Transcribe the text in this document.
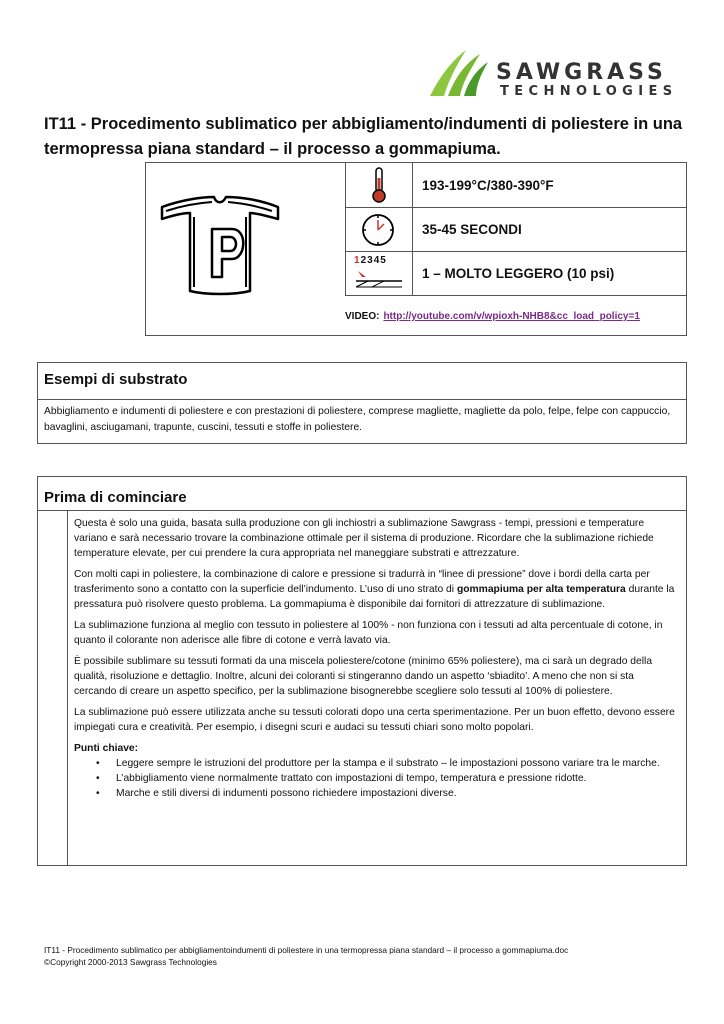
SAWGRASS
TECHNOLOGIES
IT11 - Procedimento sublimatico per abbigliamento/indumenti di poliestere in una termopressa piana standard – il processo a gommapiuma.
193-199°C/380-390°F
35-45 SECONDI
12345
1 – MOLTO LEGGERO (10 psi)
VIDEO: http://youtube.com/v/wpioxh-NHB8&cc_load_policy=1
Esempi di substrato
Abbigliamento e indumenti di poliestere e con prestazioni di poliestere, comprese magliette, magliette da polo, felpe, felpe con cappuccio, bavaglini, asciugamani, trapunte, cuscini, tessuti e stoffe in poliestere.
Prima di cominciare

Questa è solo una guida, basata sulla produzione con gli inchiostri a sublimazione Sawgrass - tempi, pressioni e temperature variano e sarà necessario trovare la combinazione ottimale per il sistema di produzione. Ricordare che la sublimazione richiede temperature elevate, per cui prendere la cura appropriata nel maneggiare substrati e attrezzature.

Con molti capi in poliestere, la combinazione di calore e pressione si tradurrà in “linee di pressione” dove i bordi della carta per trasferimento sono a contatto con la superficie dell’indumento. L’uso di uno strato di gommapiuma per alta temperatura durante la pressatura può risolvere questo problema. La gommapiuma è disponibile dai fornitori di attrezzature di sublimazione.

La sublimazione funziona al meglio con tessuto in poliestere al 100% - non funziona con i tessuti ad alta percentuale di cotone, in quanto il colorante non aderisce alle fibre di cotone e verrà lavato via.

È possibile sublimare su tessuti formati da una miscela poliestere/cotone (minimo 65% poliestere), ma ci sarà un degrado della qualità, risoluzione e dettaglio. Inoltre, alcuni dei coloranti si stingeranno dando un aspetto ‘sbiadito’. A meno che non si sta cercando di creare un aspetto specifico, per la sublimazione bisognerebbe scegliere solo tessuti al 100% di poliestere.

La sublimazione può essere utilizzata anche su tessuti colorati dopo una certa sperimentazione. Per un buon effetto, devono essere impiegati cura e creatività. Per esempio, i disegni scuri e audaci su tessuti chiari sono molto popolari.

Punti chiave:

• Leggere sempre le istruzioni del produttore per la stampa e il substrato – le impostazioni possono variare tra le marche.
• L’abbigliamento viene normalmente trattato con impostazioni di tempo, temperatura e pressione ridotte.
• Marche e stili diversi di indumenti possono richiedere impostazioni diverse.
IT11 - Procedimento sublimatico per abbigliamentoindumenti di poliestere in una termopressa piana standard – il processo a gommapiuma.doc
©Copyright 2000-2013 Sawgrass Technologies
